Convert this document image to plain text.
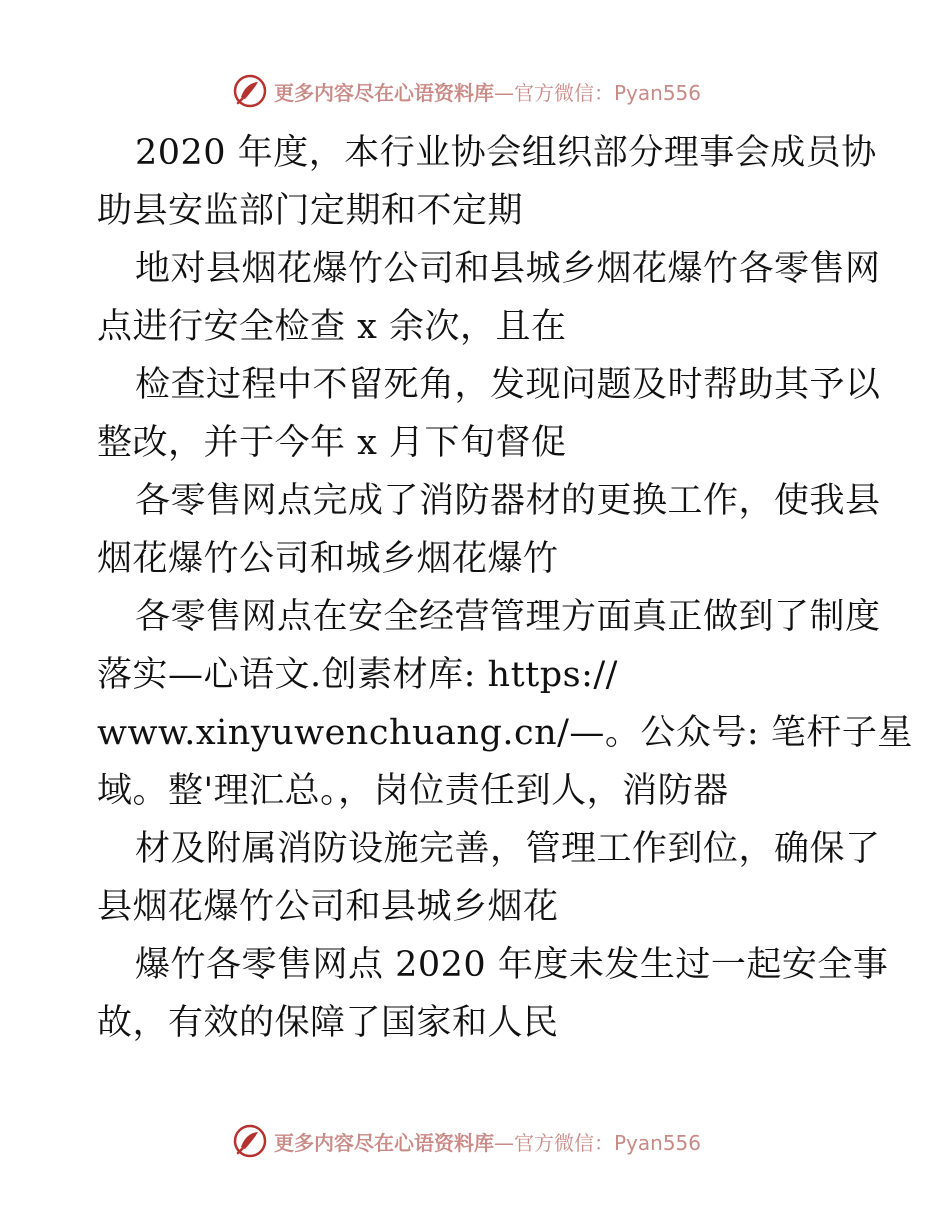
更多内容尽在心语资料库 —官方微信：Pyan556
2020 年度，本行业协会组织部分理事会成员协
助县安监部门定期和不定期
地对县烟花爆竹公司和县城乡烟花爆竹各零售网
点进行安全检查 x 余次，且在
检查过程中不留死角，发现问题及时帮助其予以
整改，并于今年 x 月下旬督促
各零售网点完成了消防器材的更换工作，使我县
烟花爆竹公司和城乡烟花爆竹
各零售网点在安全经营管理方面真正做到了制度
落实—心语文.创素材库: https://
www.xinyuwenchuang.cn/—。公众号: 笔杆子星
域。整'理汇总。，岗位责任到人，消防器
材及附属消防设施完善，管理工作到位，确保了
县烟花爆竹公司和县城乡烟花
爆竹各零售网点 2020 年度未发生过一起安全事
故，有效的保障了国家和人民
更多内容尽在心语资料库 —官方微信：Pyan556
